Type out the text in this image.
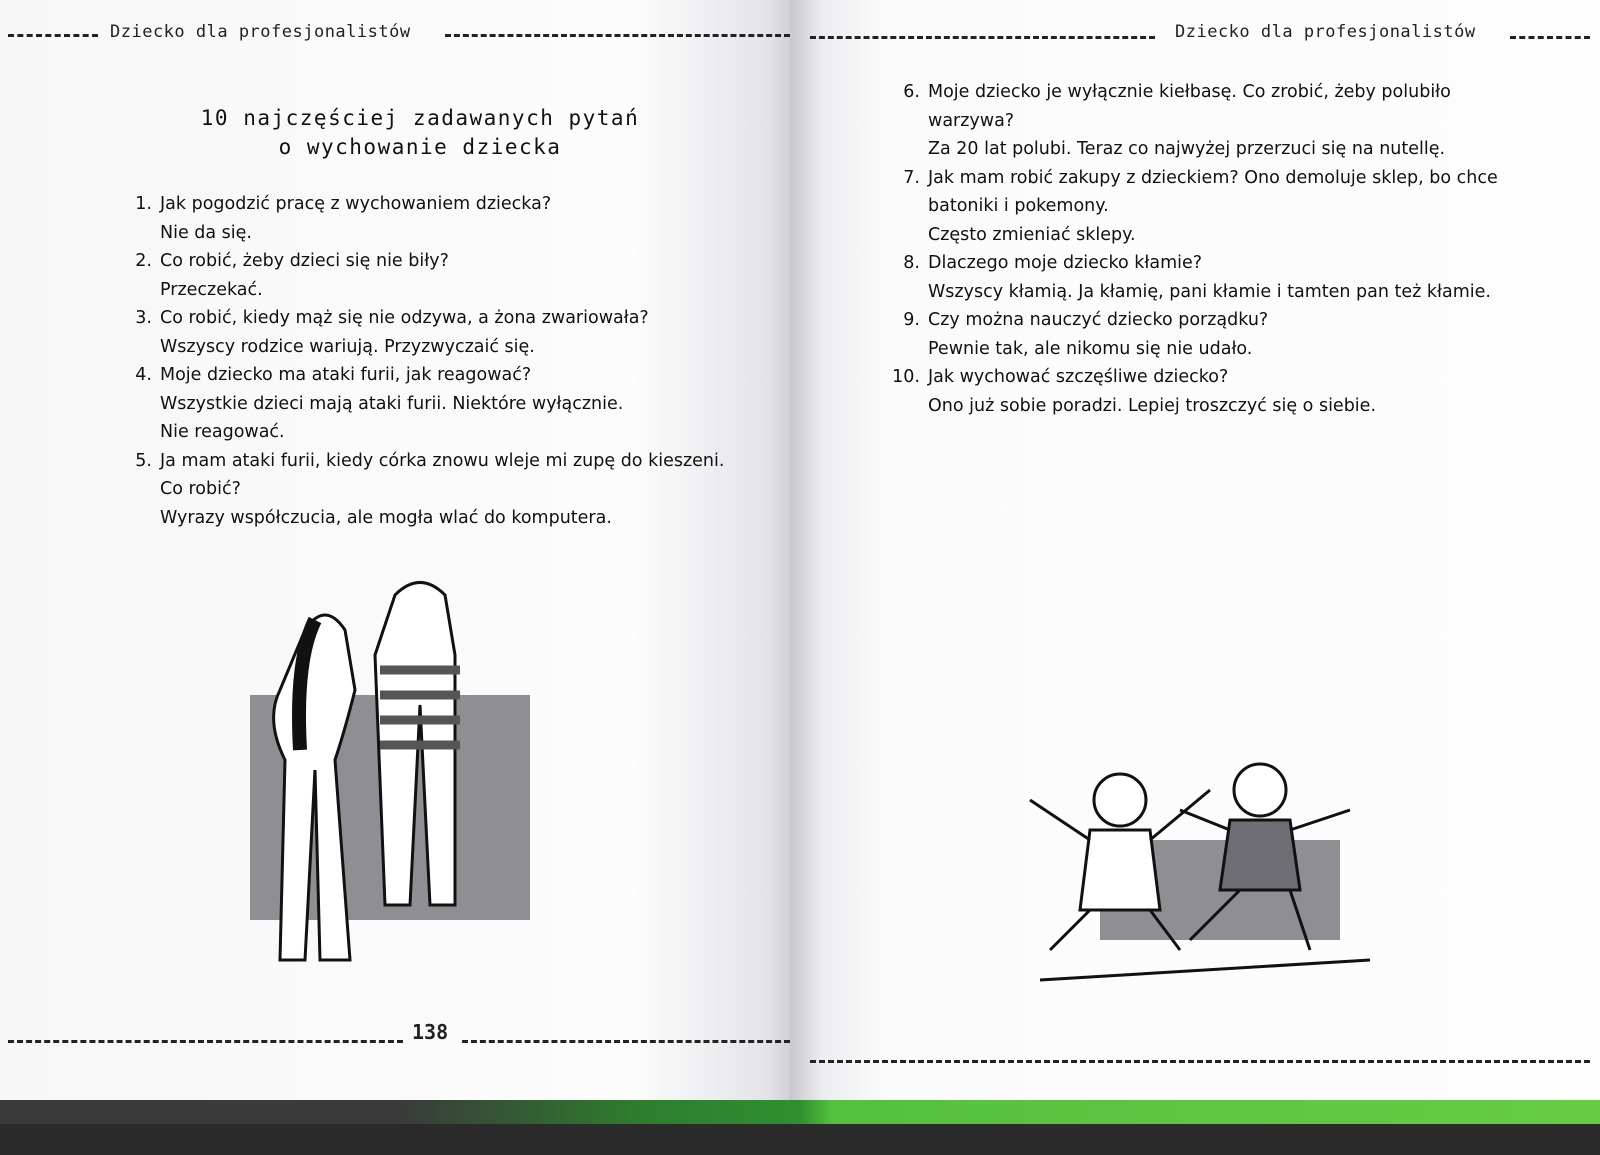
Dziecko dla profesjonalistów
10 najczęściej zadawanych pytań
o wychowanie dziecka
1. Jak pogodzić pracę z wychowaniem dziecka?
Nie da się.
2. Co robić, żeby dzieci się nie biły?
Przeczekać.
3. Co robić, kiedy mąż się nie odzywa, a żona zwariowała?
Wszyscy rodzice wariują. Przyzwyczaić się.
4. Moje dziecko ma ataki furii, jak reagować?
Wszystkie dzieci mają ataki furii. Niektóre wyłącznie.
Nie reagować.
5. Ja mam ataki furii, kiedy córka znowu wleje mi zupę do kieszeni. Co robić?
Wyrazy współczucia, ale mogła wlać do komputera.
138
Dziecko dla profesjonalistów
6. Moje dziecko je wyłącznie kiełbasę. Co zrobić, żeby polubiło warzywa?
Za 20 lat polubi. Teraz co najwyżej przerzuci się na nutellę.
7. Jak mam robić zakupy z dzieckiem? Ono demoluje sklep, bo chce batoniki i pokemony.
Często zmieniać sklepy.
8. Dlaczego moje dziecko kłamie?
Wszyscy kłamią. Ja kłamię, pani kłamie i tamten pan też kłamie.
9. Czy można nauczyć dziecko porządku?
Pewnie tak, ale nikomu się nie udało.
10. Jak wychować szczęśliwe dziecko?
Ono już sobie poradzi. Lepiej troszczyć się o siebie.
